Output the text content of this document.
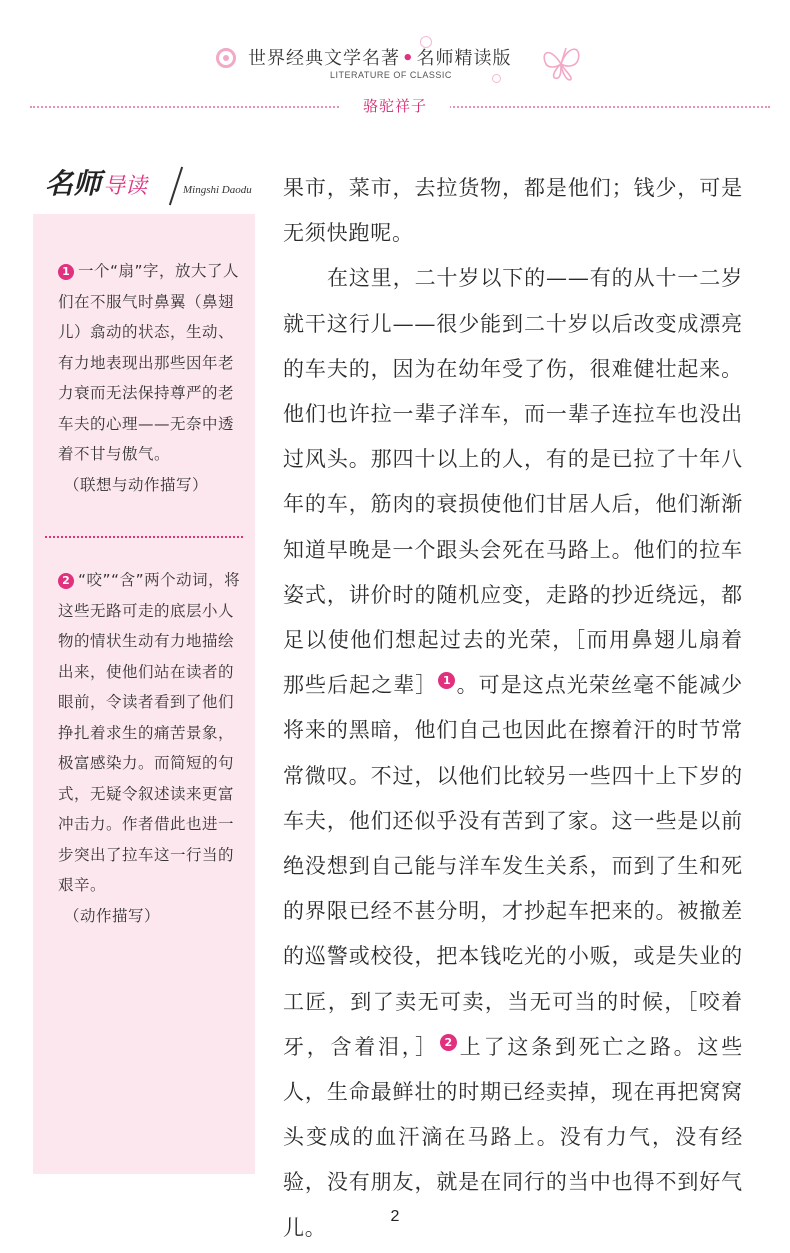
世界经典文学名著 • 名师精读版
LITERATURE OF CLASSIC
骆驼祥子
名师导读	Mingshi Daodu
1 一个“扇”字，放大了人们在不服气时鼻翼（鼻翅儿）翕动的状态，生动、有力地表现出那些因年老力衰而无法保持尊严的老车夫的心理——无奈中透着不甘与傲气。
（联想与动作描写）
2 “咬”“含”两个动词，将这些无路可走的底层小人物的情状生动有力地描绘出来，使他们站在读者的眼前，令读者看到了他们挣扎着求生的痛苦景象，极富感染力。而简短的句式，无疑令叙述读来更富冲击力。作者借此也进一步突出了拉车这一行当的艰辛。
（动作描写）

果市，菜市，去拉货物，都是他们；钱少，可是无须快跑呢。

在这里，二十岁以下的——有的从十一二岁就干这行儿——很少能到二十岁以后改变成漂亮的车夫的，因为在幼年受了伤，很难健壮起来。他们也许拉一辈子洋车，而一辈子连拉车也没出过风头。那四十以上的人，有的是已拉了十年八年的车，筋肉的衰损使他们甘居人后，他们渐渐知道早晚是一个跟头会死在马路上。他们的拉车姿式，讲价时的随机应变，走路的抄近绕远，都足以使他们想起过去的光荣，［而用鼻翅儿扇着那些后起之辈］ 1 。可是这点光荣丝毫不能减少将来的黑暗，他们自己也因此在擦着汗的时节常常微叹。不过，以他们比较另一些四十上下岁的车夫，他们还似乎没有苦到了家。这一些是以前绝没想到自己能与洋车发生关系，而到了生和死的界限已经不甚分明，才抄起车把来的。被撤差的巡警或校役，把本钱吃光的小贩，或是失业的工匠，到了卖无可卖，当无可当的时候，［咬着牙，含着泪，］ 2 上了这条到死亡之路。这些人，生命最鲜壮的时期已经卖掉，现在再把窝窝头变成的血汗滴在马路上。没有力气，没有经验，没有朋友，就是在同行的当中也得不到好气儿。	2
